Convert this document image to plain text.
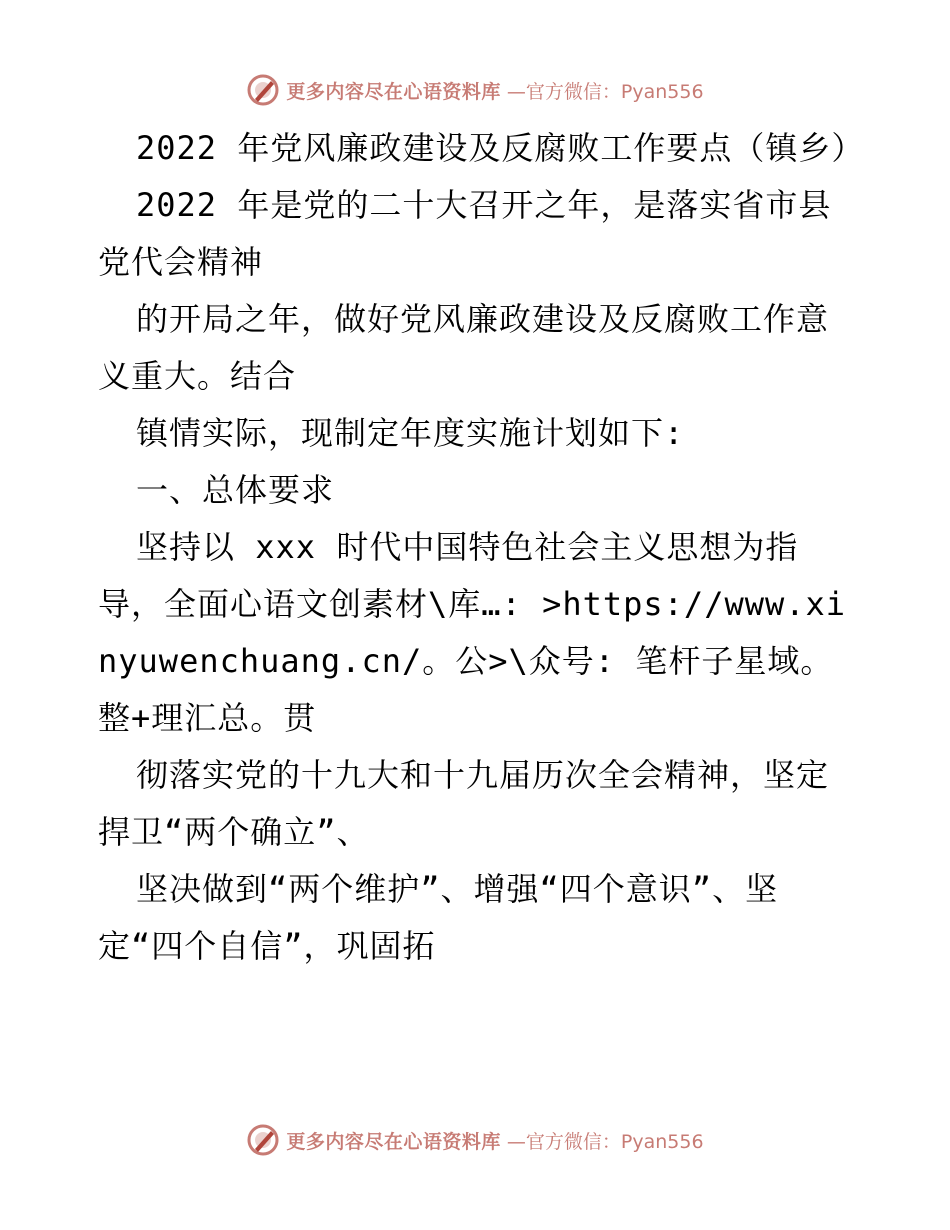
更多内容尽在心语资料库 —官方微信：Pyan556

2022 年党风廉政建设及反腐败工作要点（镇乡）

2022 年是党的二十大召开之年，是落实省市县党代会精神

的开局之年，做好党风廉政建设及反腐败工作意义重大。结合

镇情实际，现制定年度实施计划如下:

一、总体要求

坚持以 xxx 时代中国特色社会主义思想为指导，全面心语文创素材\库…: >https://www.xinyuwenchuang.cn/。公>\众号: 笔杆子星域。整+理汇总。贯

彻落实党的十九大和十九届历次全会精神，坚定捍卫“两个确立”、

坚决做到“两个维护”、增强“四个意识”、坚定“四个自信”，巩固拓

更多内容尽在心语资料库 —官方微信：Pyan556
